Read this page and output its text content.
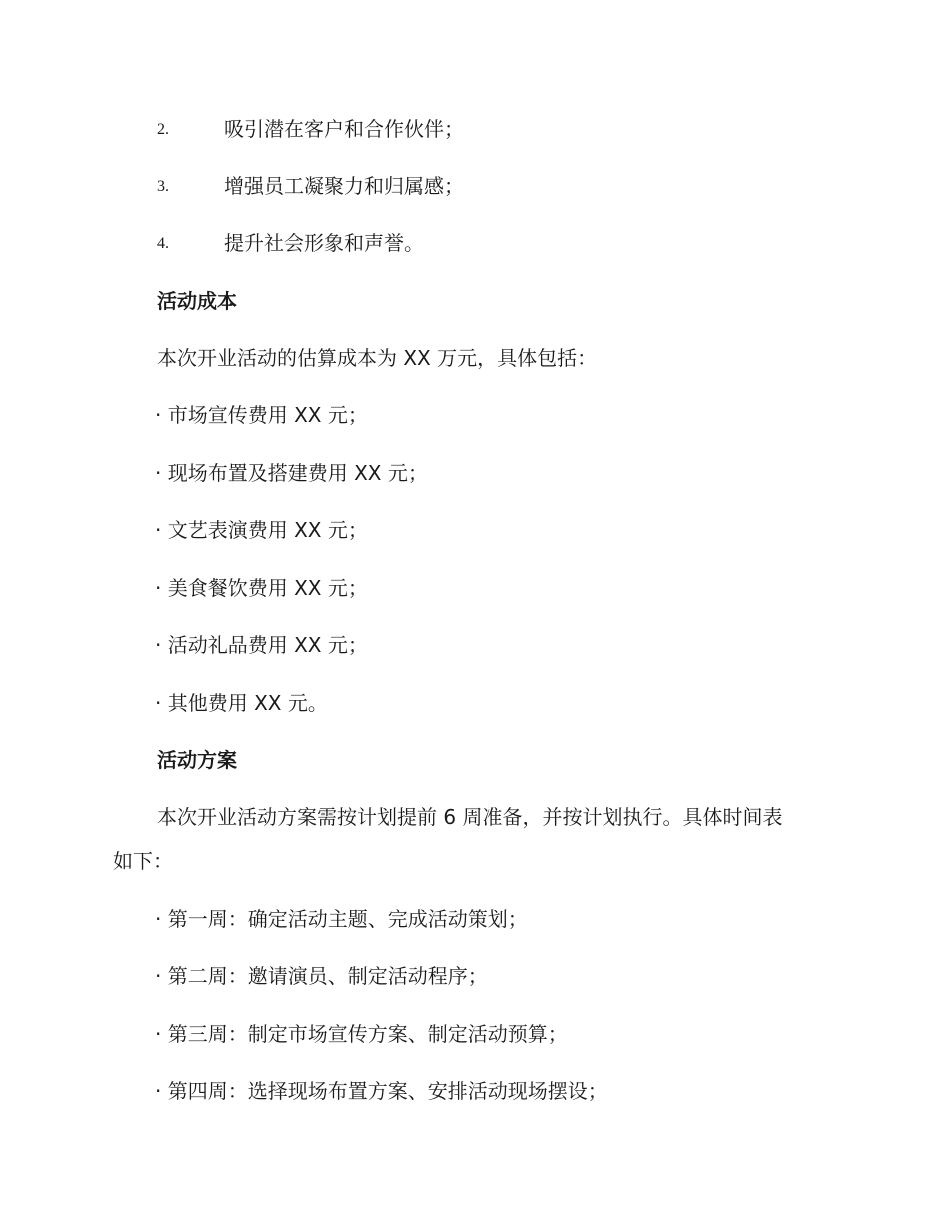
2.	吸引潜在客户和合作伙伴；
3.	增强员工凝聚力和归属感；
4.	提升社会形象和声誉。
活动成本
本次开业活动的估算成本为 XX 万元，具体包括：
· 市场宣传费用 XX 元；
· 现场布置及搭建费用 XX 元；
· 文艺表演费用 XX 元；
· 美食餐饮费用 XX 元；
· 活动礼品费用 XX 元；
· 其他费用 XX 元。
活动方案
本次开业活动方案需按计划提前 6 周准备，并按计划执行。具体时间表
如下：
· 第一周：确定活动主题、完成活动策划；
· 第二周：邀请演员、制定活动程序；
· 第三周：制定市场宣传方案、制定活动预算；
· 第四周：选择现场布置方案、安排活动现场摆设；
